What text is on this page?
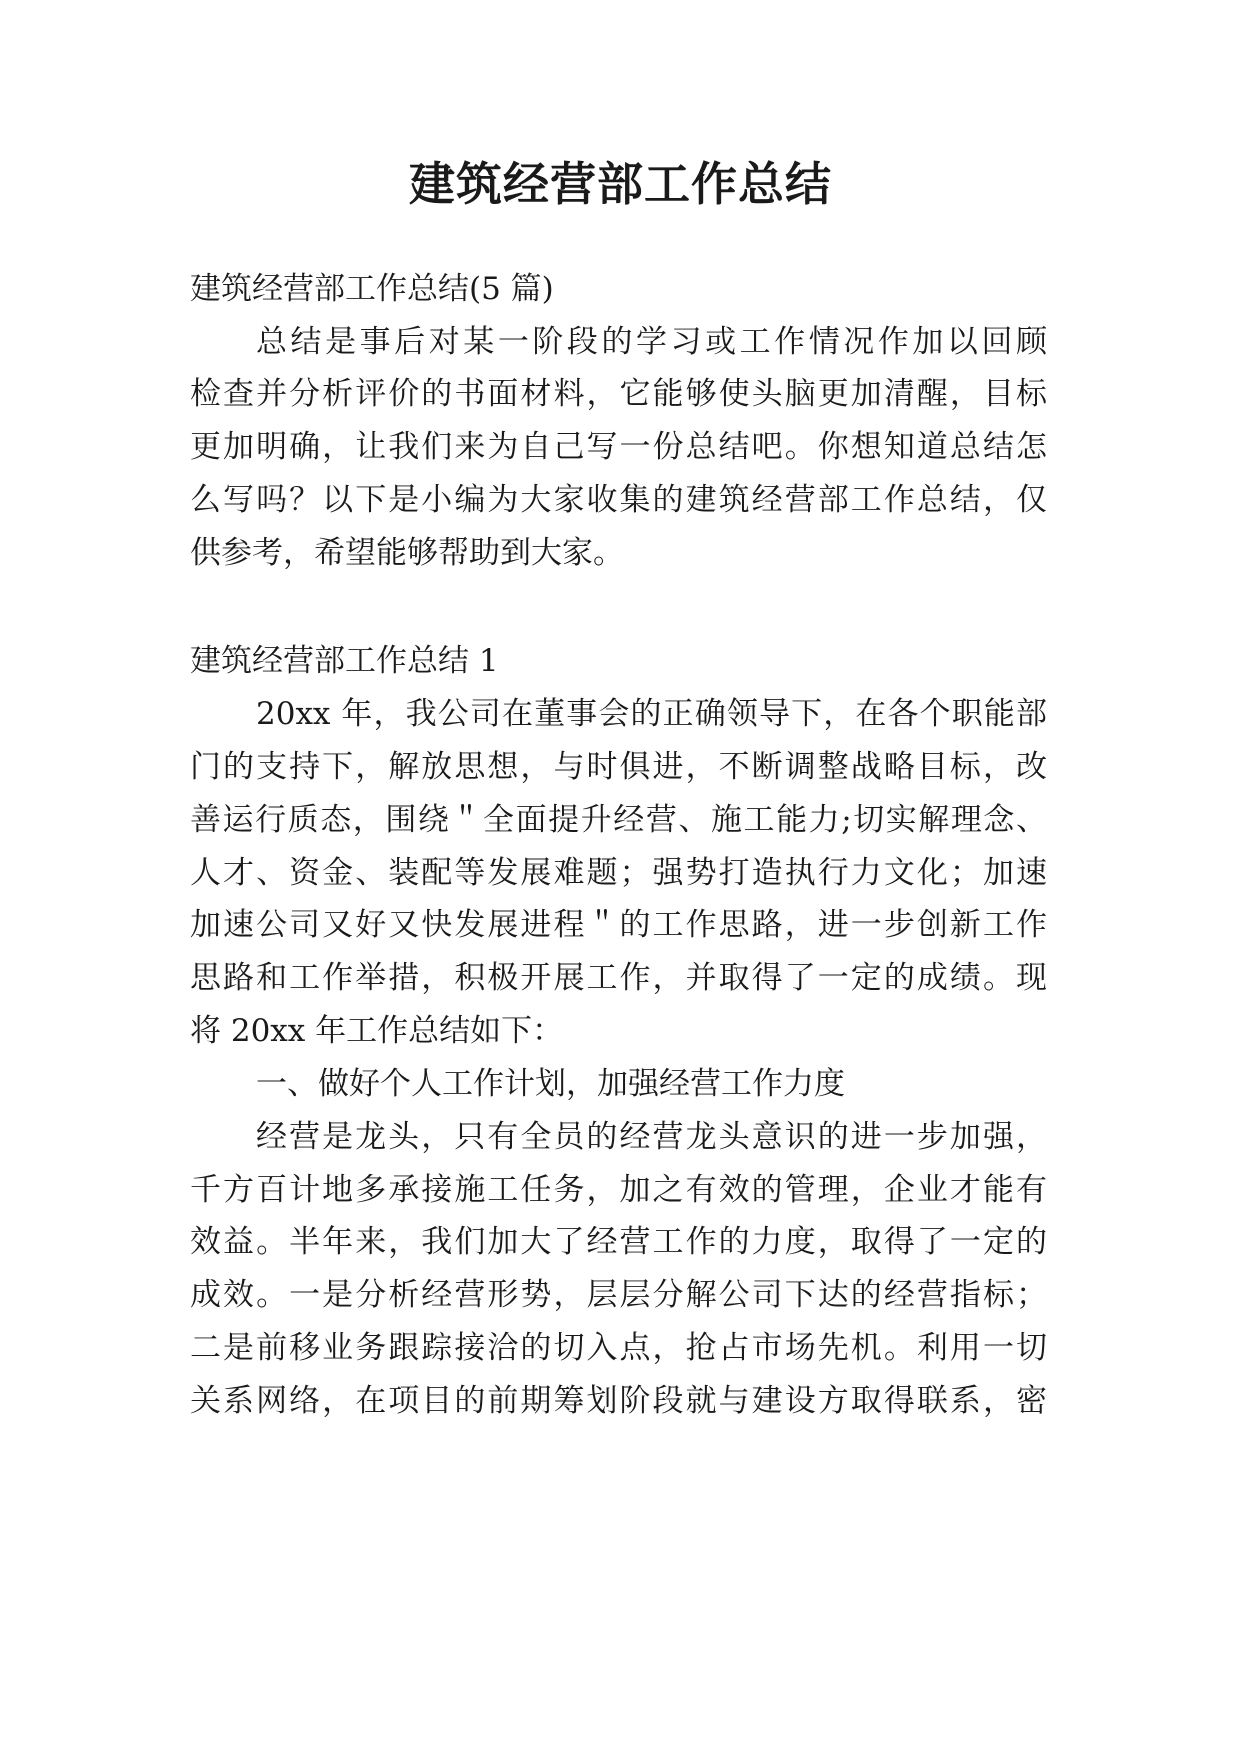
建筑经营部工作总结
建筑经营部工作总结(5 篇)
总结是事后对某一阶段的学习或工作情况作加以回顾
检查并分析评价的书面材料，它能够使头脑更加清醒，目标
更加明确，让我们来为自己写一份总结吧。你想知道总结怎
么写吗？以下是小编为大家收集的建筑经营部工作总结，仅
供参考，希望能够帮助到大家。
建筑经营部工作总结 1
20xx 年，我公司在董事会的正确领导下，在各个职能部
门的支持下，解放思想，与时俱进，不断调整战略目标，改
善运行质态，围绕＂全面提升经营、施工能力;切实解理念、
人才、资金、装配等发展难题；强势打造执行力文化；加速
加速公司又好又快发展进程＂的工作思路，进一步创新工作
思路和工作举措，积极开展工作，并取得了一定的成绩。现
将 20xx 年工作总结如下：
一、做好个人工作计划，加强经营工作力度
经营是龙头，只有全员的经营龙头意识的进一步加强，
千方百计地多承接施工任务，加之有效的管理，企业才能有
效益。半年来，我们加大了经营工作的力度，取得了一定的
成效。一是分析经营形势，层层分解公司下达的经营指标；
二是前移业务跟踪接洽的切入点，抢占市场先机。利用一切
关系网络，在项目的前期筹划阶段就与建设方取得联系，密
